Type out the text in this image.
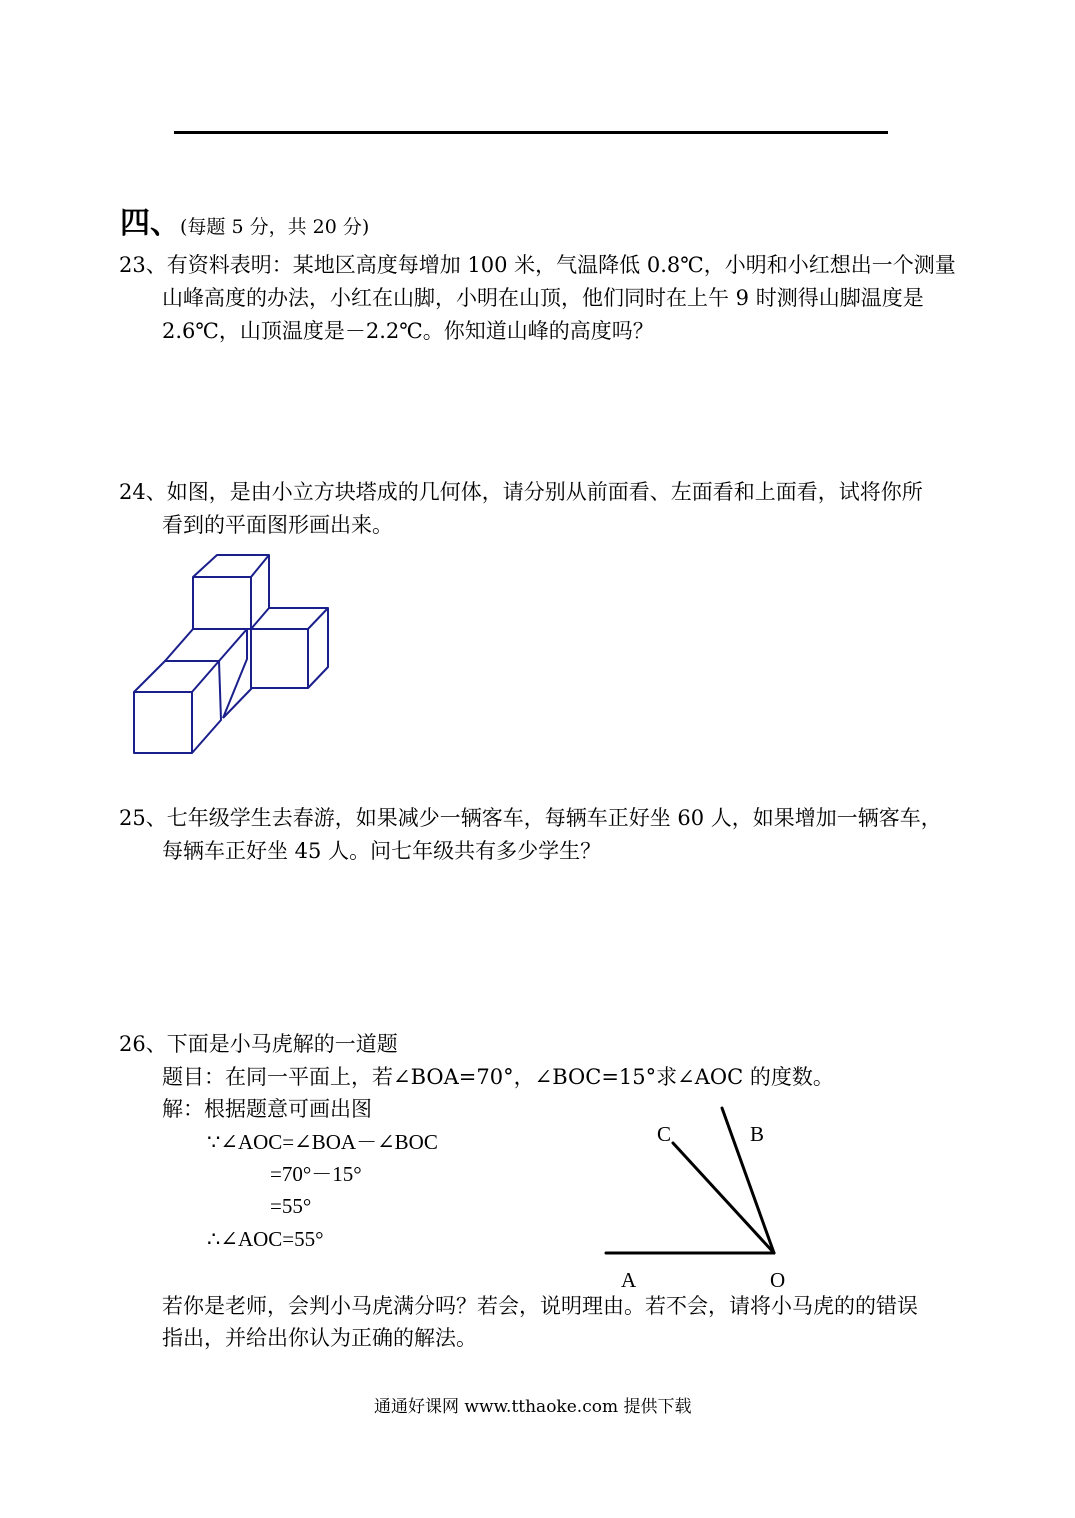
四、(每题 5 分，共 20 分)
23、有资料表明：某地区高度每增加 100 米，气温降低 0.8℃，小明和小红想出一个测量
山峰高度的办法，小红在山脚，小明在山顶，他们同时在上午 9 时测得山脚温度是
2.6℃，山顶温度是－2.2℃。你知道山峰的高度吗？
24、如图，是由小立方块塔成的几何体，请分别从前面看、左面看和上面看，试将你所
看到的平面图形画出来。
25、七年级学生去春游，如果减少一辆客车，每辆车正好坐 60 人，如果增加一辆客车，
每辆车正好坐 45 人。问七年级共有多少学生？
26、下面是小马虎解的一道题
题目：在同一平面上，若∠BOA=70°，∠BOC=15°求∠AOC 的度数。
解：根据题意可画出图
∵∠AOC=∠BOA－∠BOC
=70°－15°
=55°
∴∠AOC=55°
C	B
A	O
若你是老师，会判小马虎满分吗？若会，说明理由。若不会，请将小马虎的的错误
指出，并给出你认为正确的解法。
通通好课网 www.tthaoke.com 提供下载
